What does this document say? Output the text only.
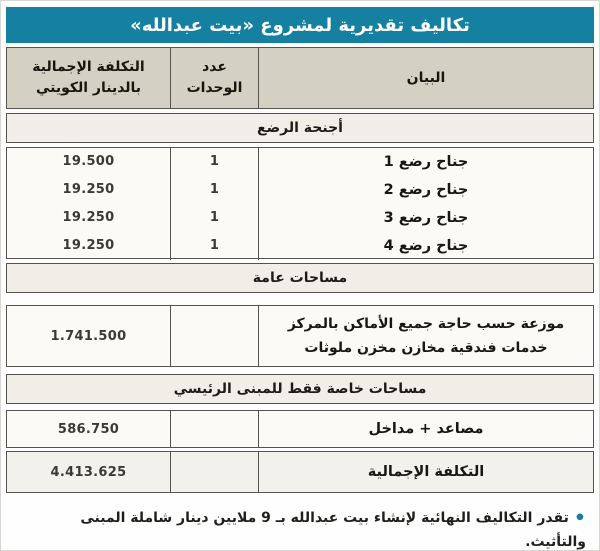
تكاليف تقديرية لمشروع «بيت عبدالله»
البيان
عدد
الوحدات
التكلفة الإجمالية
بالدينار الكويتي
أجنحة الرضع
جناح رضع 1
جناح رضع 2
جناح رضع 3
جناح رضع 4
1
1
1
1
19.500
19.250
19.250
19.250
مساحات عامة
موزعة حسب حاجة جميع الأماكن بالمركز
خدمات فندقية مخازن مخزن ملوثات
1.741.500
مساحات خاصة فقط للمبنى الرئيسي
مصاعد + مداخل
586.750
التكلفة الإجمالية
4.413.625
•تقدر التكاليف النهائية لإنشاء بيت عبدالله بـ 9 ملايين دينار شاملة المبنى والتأثيث.
